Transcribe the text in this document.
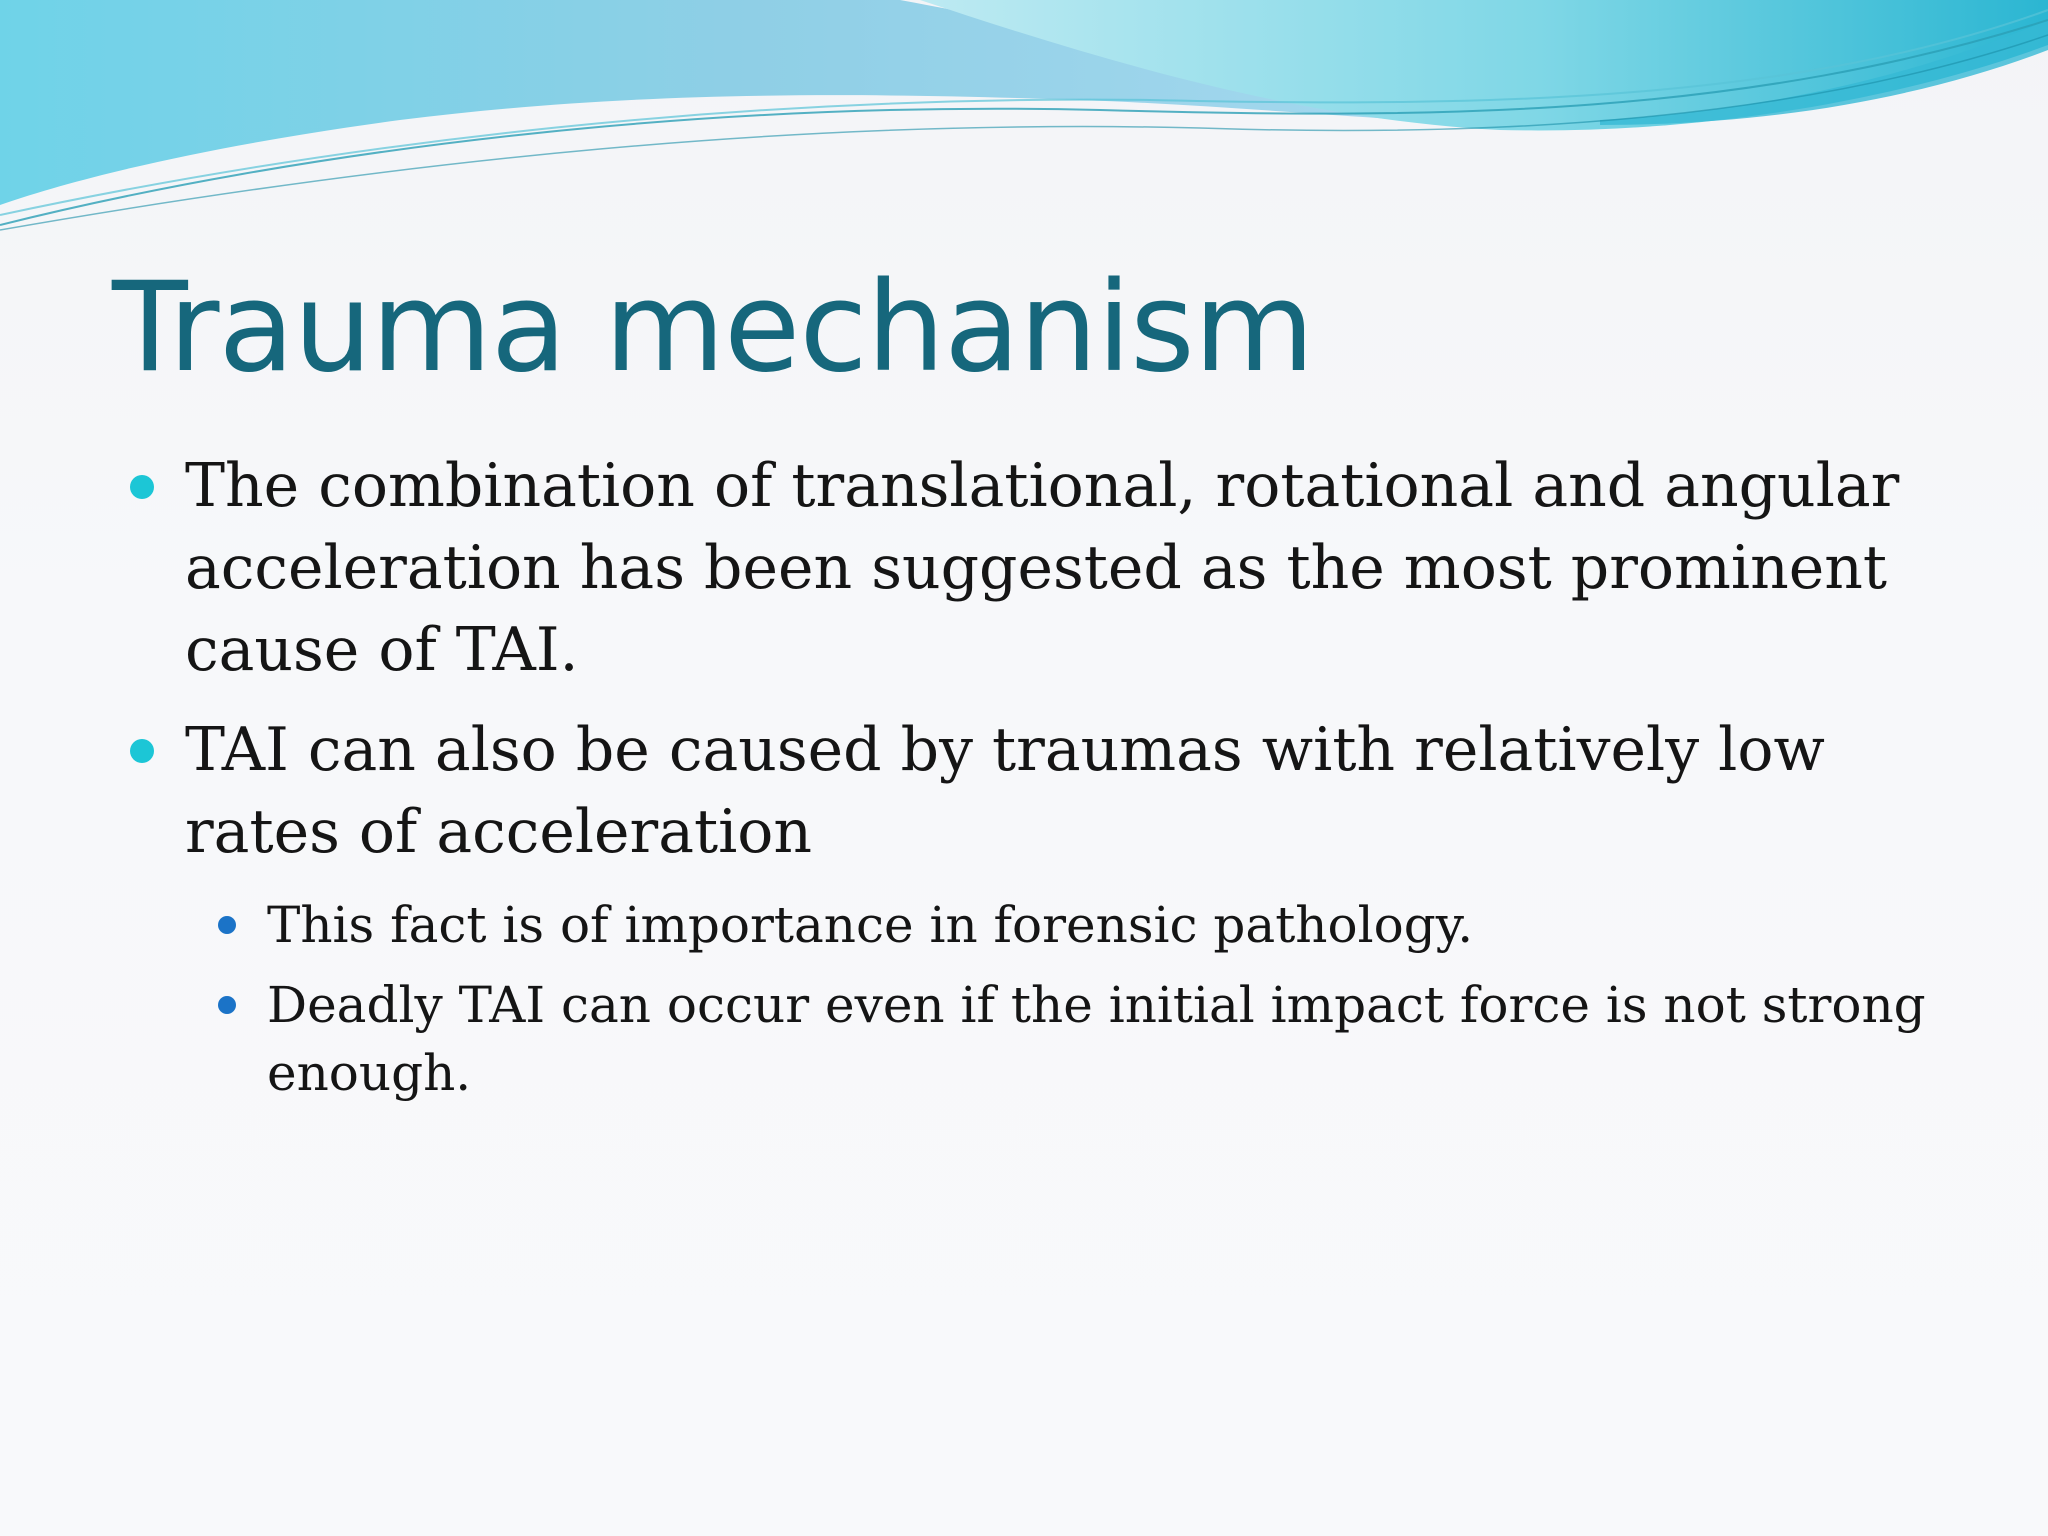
Trauma mechanism
The combination of translational, rotational and angular acceleration has been suggested as the most prominent cause of TAI.
TAI can also be caused by traumas with relatively low rates of acceleration
This fact is of importance in forensic pathology.
Deadly TAI can occur even if the initial impact force is not strong enough.
